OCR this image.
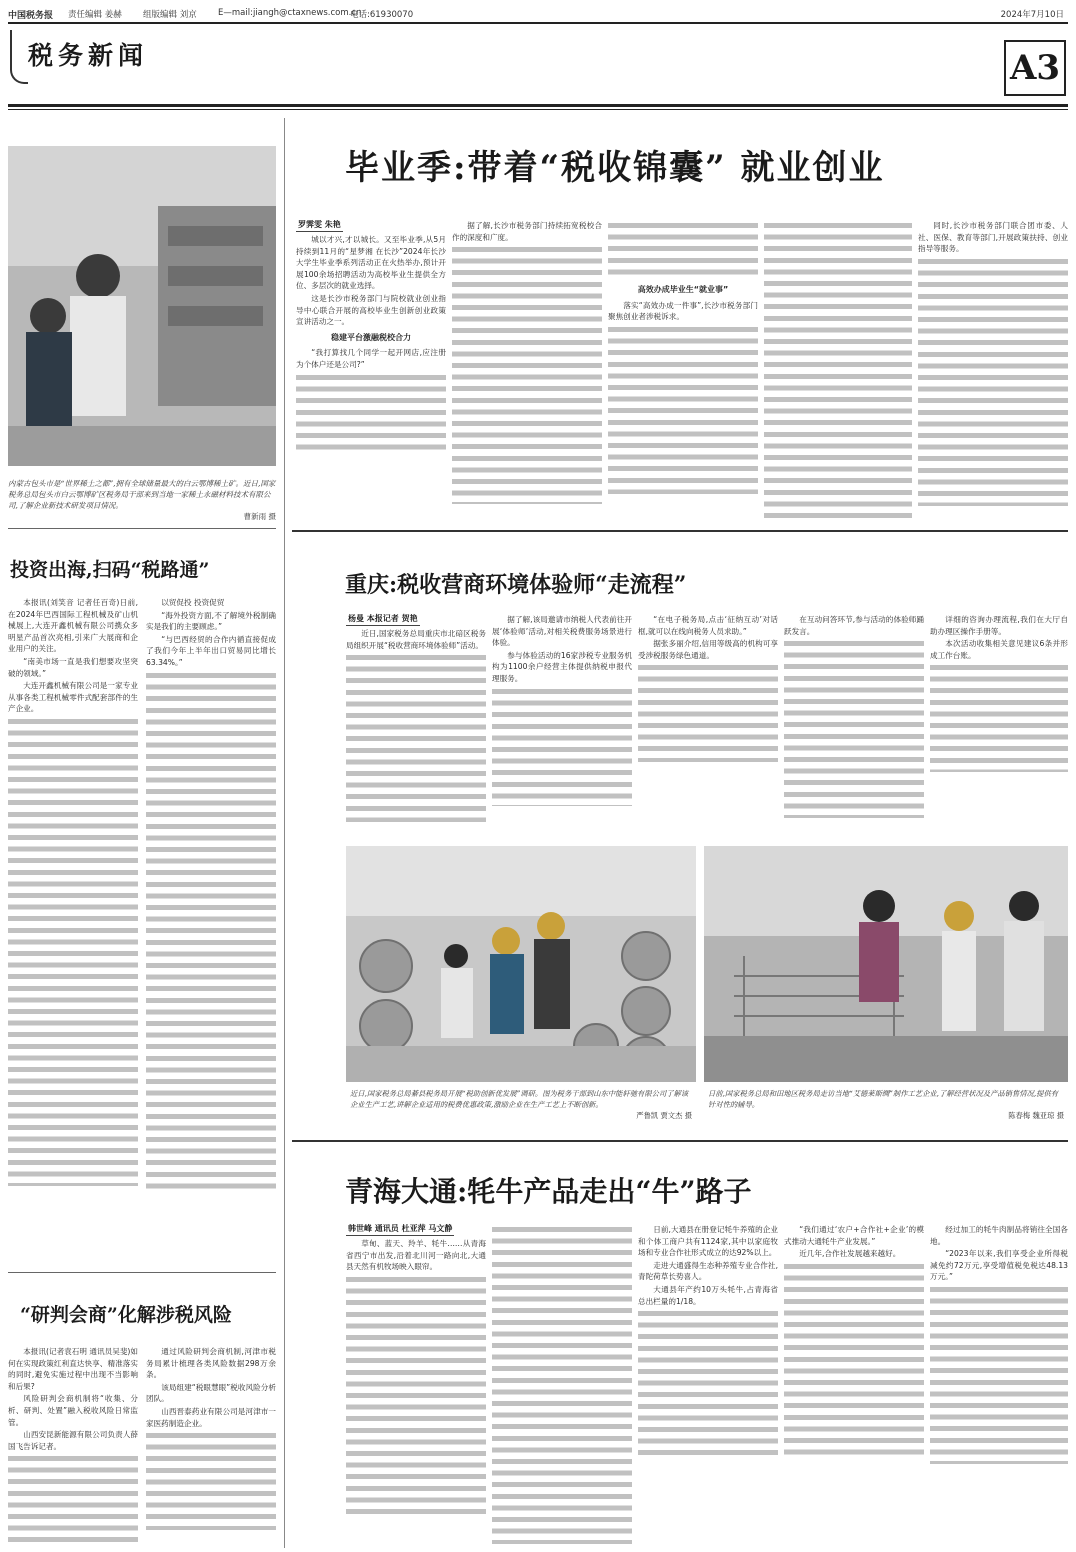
中国税务报 责任编辑 姜赫	组版编辑 刘京	E—mail:jiangh@ctaxnews.com.cn
电话:61930070	2024年7月10日
税务新闻	A3
内蒙古包头市是“世界稀土之都”,拥有全球储量最大的白云鄂博稀土矿。近日,国家税务总局包头市白云鄂博矿区税务局干部来到当地一家稀土永磁材料技术有限公司,了解企业新技术研发项目情况。
曹新雨 摄
投资出海,扫码“税路通”

本报讯(刘笑音 记者任百奇)日前,在2024年巴西国际工程机械及矿山机械展上,大连开鑫机械有限公司携众多明星产品首次亮相,引来广大展商和企业用户的关注。

“南美市场一直是我们想要攻坚突破的领域。”

大连开鑫机械有限公司是一家专业从事各类工程机械零件式配套部件的生产企业。

以贸促投 投资促贸

“海外投资方面,不了解境外税制确实是我们的主要顾虑。”

“与巴西经贸的合作内循直接促成了我们今年上半年出口贸易同比增长63.34%。”

“研判会商”化解涉税风险

本报讯(记者袁石明 通讯员吴斐)如何在实现政策红利直达快享、精准落实的同时,避免实施过程中出现不当影响和后果?

风险研判会商机制将“收集、分析、研判、处置”融入税收风险日常监管。

山西安昆新能源有限公司负责人薛国飞告诉记者。

通过风险研判会商机制,河津市税务局累计梳理各类风险数据298万余条。

该局组建“税眼慧眼”税收风险分析团队。

山西晋泰药业有限公司是河津市一家医药制造企业。

毕业季:带着“税收锦囊” 就业创业
罗霁雯 朱艳

城以才兴,才以城长。又至毕业季,从5月持续到11月的“星梦湘 在长沙”2024年长沙大学生毕业季系列活动正在火热举办,预计开展100余场招聘活动为高校毕业生提供全方位、多层次的就业选择。

这是长沙市税务部门与院校就业创业指导中心联合开展的高校毕业生创新创业政策宣讲活动之一。

稳建平台激融税校合力

“我打算找几个同学一起开网店,应注册为个体户还是公司?”

据了解,长沙市税务部门持续拓宽税校合作的深度和广度。

高效办成毕业生“就业事”

落实“高效办成一件事”,长沙市税务部门聚焦创业者涉税诉求。

同时,长沙市税务部门联合团市委、人社、医保、教育等部门,开展政策扶持、创业指导等服务。

重庆:税收营商环境体验师“走流程”
杨曼 本报记者 贺艳

近日,国家税务总局重庆市北碚区税务局组织开展“税收营商环境体验师”活动。

据了解,该局邀请市纳税人代表前往开展‘体验师’活动,对相关税费服务场景进行体验。

参与体验活动的16家涉税专业服务机构为1100余户经营主体提供纳税申报代理服务。

“在电子税务局,点击‘征纳互动’对话框,就可以在线向税务人员求助。”

据张多丽介绍,信用等级高的机构可享受涉税服务绿色通道。

在互动问答环节,参与活动的体验师踊跃发言。

详细的咨询办理流程,我们在大厅自助办理区操作手册等。

本次活动收集相关意见建议6条并形成工作台账。

近日,国家税务总局綦县税务局开展“税助创新优发展”调研。图为税务干部到山东中能轩驰有限公司了解该企业生产工艺,讲解企业适用的税费优惠政策,激励企业在生产工艺上不断创新。
严鲁凯 贾文杰 摄
日前,国家税务总局和田地区税务局走访当地“艾德莱斯绸”制作工艺企业,了解经营状况及产品销售情况,提供有针对性的辅导。
陈春梅 魏亚琼 摄
青海大通:牦牛产品走出“牛”路子
韩世峰 通讯员 杜亚萍 马文静

草甸、蓝天、羚羊、牦牛……从青海省西宁市出发,沿着北川河一路向北,大通县天然有机牧场映入眼帘。

日前,大通县在册登记牦牛养殖的企业和个体工商户共有1124家,其中以家庭牧场和专业合作社形式成立的达92%以上。

走进大通盛得生态种养殖专业合作社,青陀荷草长势喜人。

大通县年产约10万头牦牛,占青海省总出栏量的1/18。

“我们通过‘农户+合作社+企业’的模式推动大通牦牛产业发展。”

近几年,合作社发展越来越好。

经过加工的牦牛肉制品将销往全国各地。

“2023年以来,我们享受企业所得税减免约72万元,享受增值税免税达48.13万元。”
